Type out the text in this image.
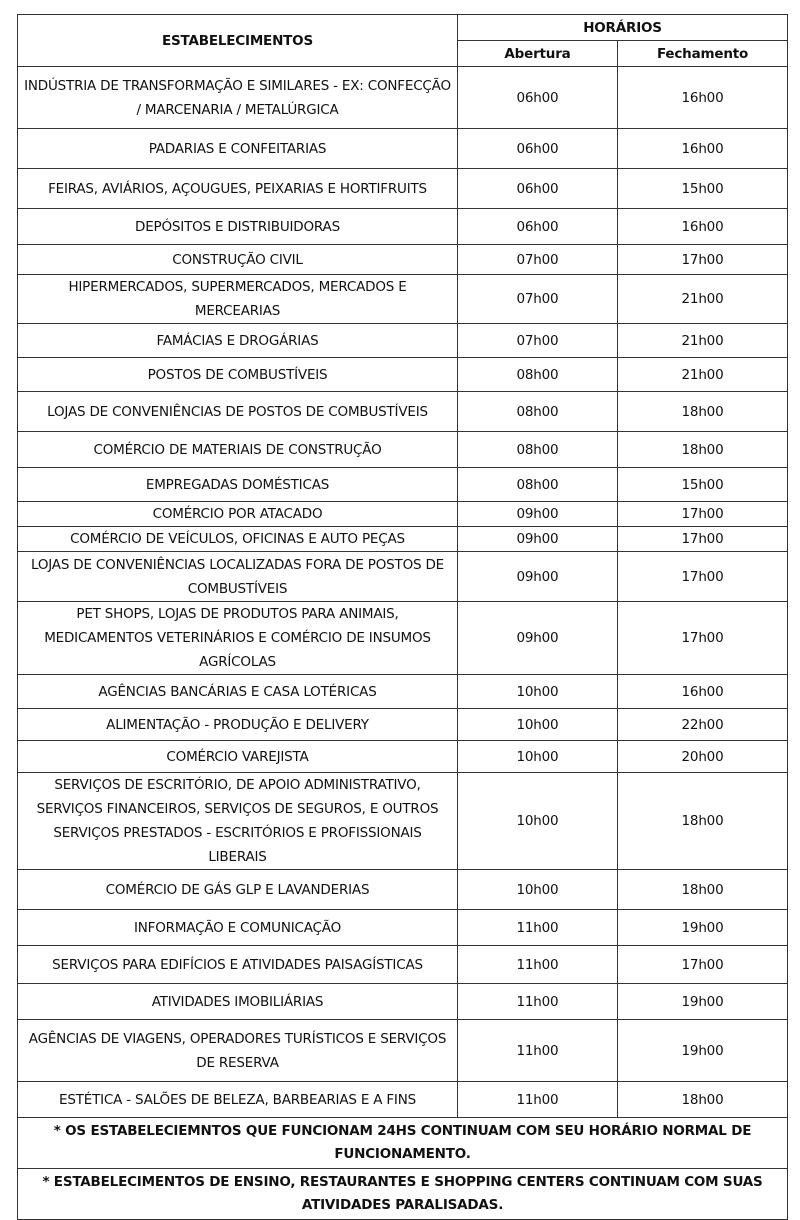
ESTABELECIMENTOS	HORÁRIOS	
	Abertura	Fechamento
INDÚSTRIA DE TRANSFORMAÇÃO E SIMILARES - EX: CONFECÇÃO / MARCENARIA / METALÚRGICA	06h00	16h00
PADARIAS E CONFEITARIAS	06h00	16h00
FEIRAS, AVIÁRIOS, AÇOUGUES, PEIXARIAS E HORTIFRUITS	06h00	15h00
DEPÓSITOS E DISTRIBUIDORAS	06h00	16h00
CONSTRUÇÃO CIVIL	07h00	17h00
HIPERMERCADOS, SUPERMERCADOS, MERCADOS E MERCEARIAS	07h00	21h00
FAMÁCIAS E DROGÁRIAS	07h00	21h00
POSTOS DE COMBUSTÍVEIS	08h00	21h00
LOJAS DE CONVENIÊNCIAS DE POSTOS DE COMBUSTÍVEIS	08h00	18h00
COMÉRCIO DE MATERIAIS DE CONSTRUÇÃO	08h00	18h00
EMPREGADAS DOMÉSTICAS	08h00	15h00
COMÉRCIO POR ATACADO	09h00	17h00
COMÉRCIO DE VEÍCULOS, OFICINAS E AUTO PEÇAS	09h00	17h00
LOJAS DE CONVENIÊNCIAS LOCALIZADAS FORA DE POSTOS DE COMBUSTÍVEIS	09h00	17h00
PET SHOPS, LOJAS DE PRODUTOS PARA ANIMAIS, MEDICAMENTOS VETERINÁRIOS E COMÉRCIO DE INSUMOS AGRÍCOLAS	09h00	17h00
AGÊNCIAS BANCÁRIAS E CASA LOTÉRICAS	10h00	16h00
ALIMENTAÇÃO - PRODUÇÃO E DELIVERY	10h00	22h00
COMÉRCIO VAREJISTA	10h00	20h00
SERVIÇOS DE ESCRITÓRIO, DE APOIO ADMINISTRATIVO, SERVIÇOS FINANCEIROS, SERVIÇOS DE SEGUROS, E OUTROS SERVIÇOS PRESTADOS - ESCRITÓRIOS E PROFISSIONAIS LIBERAIS	10h00	18h00
COMÉRCIO DE GÁS GLP E LAVANDERIAS	10h00	18h00
INFORMAÇÃO E COMUNICAÇÃO	11h00	19h00
SERVIÇOS PARA EDIFÍCIOS E ATIVIDADES PAISAGÍSTICAS	11h00	17h00
ATIVIDADES IMOBILIÁRIAS	11h00	19h00
AGÊNCIAS DE VIAGENS, OPERADORES TURÍSTICOS E SERVIÇOS DE RESERVA	11h00	19h00
ESTÉTICA - SALÕES DE BELEZA, BARBEARIAS E A FINS	11h00	18h00
* OS ESTABELECIEMNTOS QUE FUNCIONAM 24HS CONTINUAM COM SEU HORÁRIO NORMAL DE FUNCIONAMENTO.		
* ESTABELECIMENTOS DE ENSINO, RESTAURANTES E SHOPPING CENTERS CONTINUAM COM SUAS ATIVIDADES PARALISADAS.		
